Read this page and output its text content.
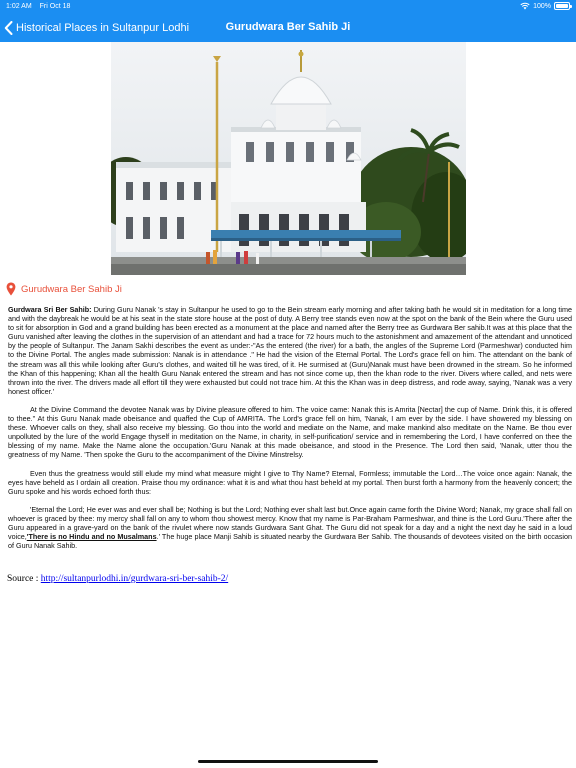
1:02 AM Fri Oct 18	100%
Historical Places in Sultanpur Lodhi	Gurudwara Ber Sahib Ji
Gurudwara Ber Sahib Ji

Gurdwara Sri Ber Sahib: During Guru Nanak 's stay in Sultanpur he used to go to the Bein stream early morning and after taking bath he would sit in meditation for a long time and with the daybreak he would be at his seat in the state store house at the post of duty. A Berry tree stands even now at the spot on the bank of the Bein where the Guru used to sit for absorption in God and a grand building has been erected as a monument at the place and named after the Berry tree as Gurdwara Ber sahib.It was at this place that the Guru vanished after leaving the clothes in the supervision of an attendant and had a trace for 72 hours much to the astonishment and amazement of the attendant and unnoticed by the people of Sultanpur. The Janam Sakhi describes the event as under:-"As the entered (the river) for a bath, the angles of the Supreme Lord (Parmeshwar) conducted him to the Divine Portal. The angles made submission: Nanak is in attendance ." He had the vision of the Eternal Portal. The Lord's grace fell on him. The attendant on the bank of the stream was all this while looking after Guru's clothes, and waited till he was tired, of it. He surmised at (Guru)Nanak must have been drowned in the stream. So he informed the Khan of this happening; Khan all the health Guru Nanak entered the stream and has not since come up, then the khan rode to the river. Divers where called, and nets were thrown into the river. The drivers made all effort till they were exhausted but could not trace him. At this the Khan was in deep distress, and rode away, saying, 'Nanak was a very honest officer.'

At the Divine Command the devotee Nanak was by Divine pleasure offered to him. The voice came: Nanak this is Amrita [Nectar] the cup of Name. Drink this, it is offered to thee." At this Guru Nanak made obeisance and quaffed the Cup of AMRITA. The Lord's grace fell on him, 'Nanak, I am ever by the side. I have showered my blessing on these. Whoever calls on they, shall also receive my blessing. Go thou into the world and mediate on the Name, and make mankind also meditate on the Name. Be thou ever unpolluted by the lure of the world Engage thyself in meditation on the Name, in charity, in self-purification/ service and in remembering the Lord, I have conferred on thee the blessing of my name. Make the Name alone the occupation.'Guru Nanak at this made obeisance, and stood in the Presence. The Lord then said, 'Nanak, utter thou the greatness of my Name. 'Then spoke the Guru to the accompaniment of the Divine Minstrelsy.

Even thus the greatness would still elude my mind what measure might I give to Thy Name? Eternal, Formless; immutable the Lord…The voice once again: Nanak, the eyes have beheld as I ordain all creation. Praise thou my ordinance: what it is and what thou hast beheld at my portal. Then burst forth a harmony from the heavenly concert; the Guru spoke and his words echoed forth thus:

'Eternal the Lord; He ever was and ever shall be; Nothing is but the Lord; Nothing ever shalt last but.Once again came forth the Divine Word; Nanak, my grace shall fall on whoever is graced by thee: my mercy shall fall on any to whom thou showest mercy. Know that my name is Par-Braham Parmeshwar, and thine is the Lord Guru.'There after the Guru appeared in a grave-yard on the bank of the rivulet where now stands Gurdwara Sant Ghat. The Guru did not speak for a day and a night the next day he said in a loud voice,'There is no Hindu and no Musalmans.' The huge place Manji Sahib is situated nearby the Gurdwara Ber Sahib. The thousands of devotees visited on the birth occasion of Guru Nanak Sahib.

Source : http://sultanpurlodhi.in/gurdwara-sri-ber-sahib-2/
